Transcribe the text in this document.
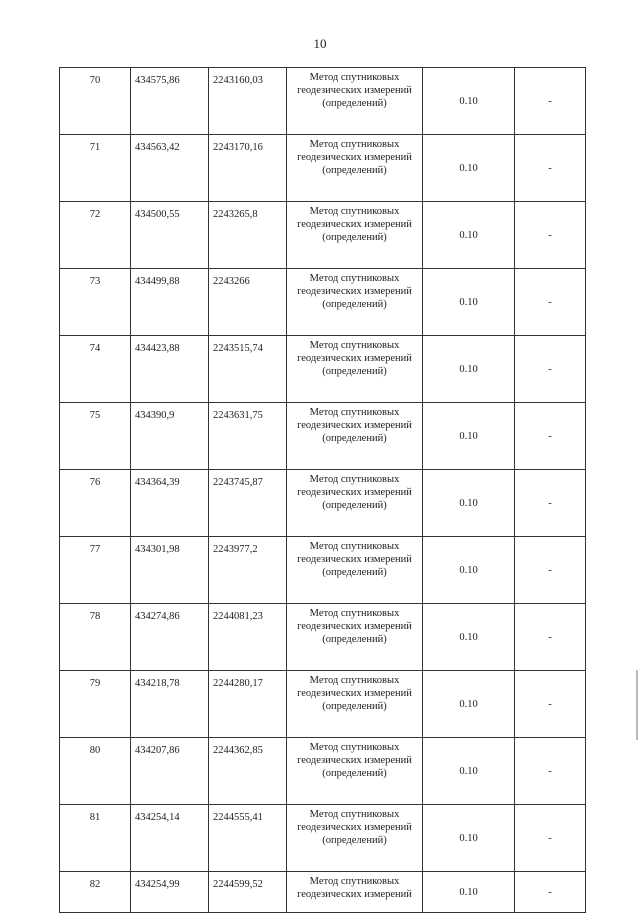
10
70	434575,86	2243160,03	Метод спутниковых
геодезических измерений
(определений)	0.10	-
71	434563,42	2243170,16	Метод спутниковых
геодезических измерений
(определений)	0.10	-
72	434500,55	2243265,8	Метод спутниковых
геодезических измерений
(определений)	0.10	-
73	434499,88	2243266	Метод спутниковых
геодезических измерений
(определений)	0.10	-
74	434423,88	2243515,74	Метод спутниковых
геодезических измерений
(определений)	0.10	-
75	434390,9	2243631,75	Метод спутниковых
геодезических измерений
(определений)	0.10	-
76	434364,39	2243745,87	Метод спутниковых
геодезических измерений
(определений)	0.10	-
77	434301,98	2243977,2	Метод спутниковых
геодезических измерений
(определений)	0.10	-
78	434274,86	2244081,23	Метод спутниковых
геодезических измерений
(определений)	0.10	-
79	434218,78	2244280,17	Метод спутниковых
геодезических измерений
(определений)	0.10	-
80	434207,86	2244362,85	Метод спутниковых
геодезических измерений
(определений)	0.10	-
81	434254,14	2244555,41	Метод спутниковых
геодезических измерений
(определений)	0.10	-
82	434254,99	2244599,52	Метод спутниковых
геодезических измерений	0.10	-
